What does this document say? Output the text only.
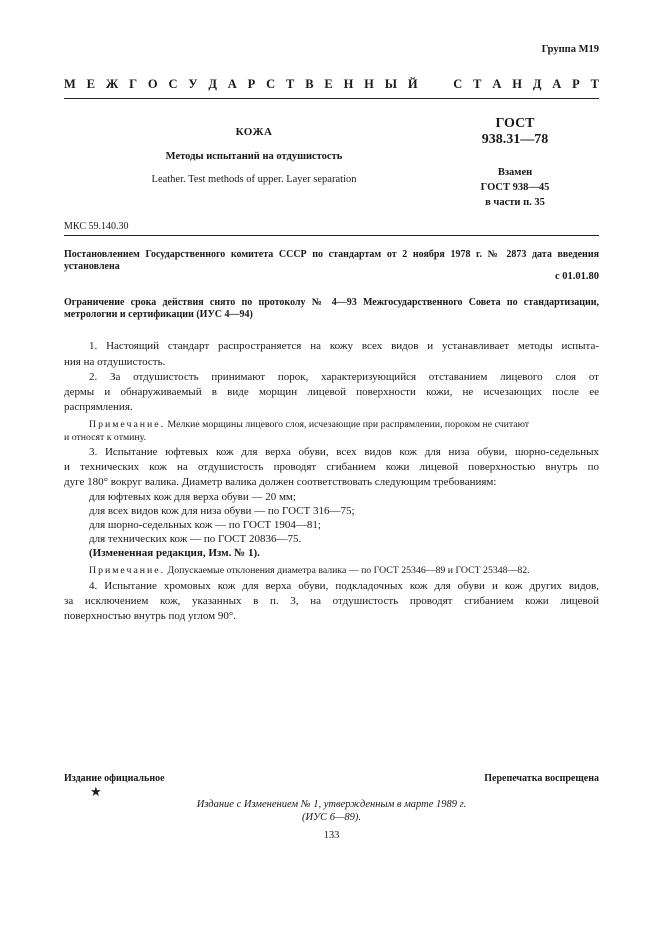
Группа М19
М Е Ж Г О С У Д А Р С Т В Е Н Н Ы Й	С Т А Н Д А Р Т
КОЖА
Методы испытаний на отдушистость
Leather. Test methods of upper. Layer separation
ГОСТ
938.31—78
Взамен
ГОСТ 938—45
в части п. 35
МКС 59.140.30
Постановлением Государственного комитета СССР по стандартам от 2 ноября 1978 г. № 2873 дата введения установлена
с 01.01.80
Ограничение срока действия снято по протоколу № 4—93 Межгосударственного Совета по стандартизации, метрологии и сертификации (ИУС 4—94)
1. Настоящий стандарт распространяется на кожу всех видов и устанавливает методы испыта-
ния на отдушистость.
2. За отдушистость принимают порок, характеризующийся отставанием лицевого слоя от
дермы и обнаруживаемый в виде морщин лицевой поверхности кожи, не исчезающих после ее
распрямления.
Примечание. Мелкие морщины лицевого слоя, исчезающие при распрямлении, пороком не считают
и относят к отмину.
3. Испытание юфтевых кож для верха обуви, всех видов кож для низа обуви, шорно-седельных
и технических кож на отдушистость проводят сгибанием кожи лицевой поверхностью внутрь по
дуге 180° вокруг валика. Диаметр валика должен соответствовать следующим требованиям:
для юфтевых кож для верха обуви — 20 мм;
для всех видов кож для низа обуви — по ГОСТ 316—75;
для шорно-седельных кож — по ГОСТ 1904—81;
для технических кож — по ГОСТ 20836—75.
(Измененная редакция, Изм. № 1).
Примечание. Допускаемые отклонения диаметра валика — по ГОСТ 25346—89 и ГОСТ 25348—82.
4. Испытание хромовых кож для верха обуви, подкладочных кож для обуви и кож других видов,
за исключением кож, указанных в п. 3, на отдушистость проводят сгибанием кожи лицевой
поверхностью внутрь под углом 90°.
Издание официальное	Перепечатка воспрещена
★
Издание с Изменением № 1, утвержденным в марте 1989 г.
(ИУС 6—89).
133
